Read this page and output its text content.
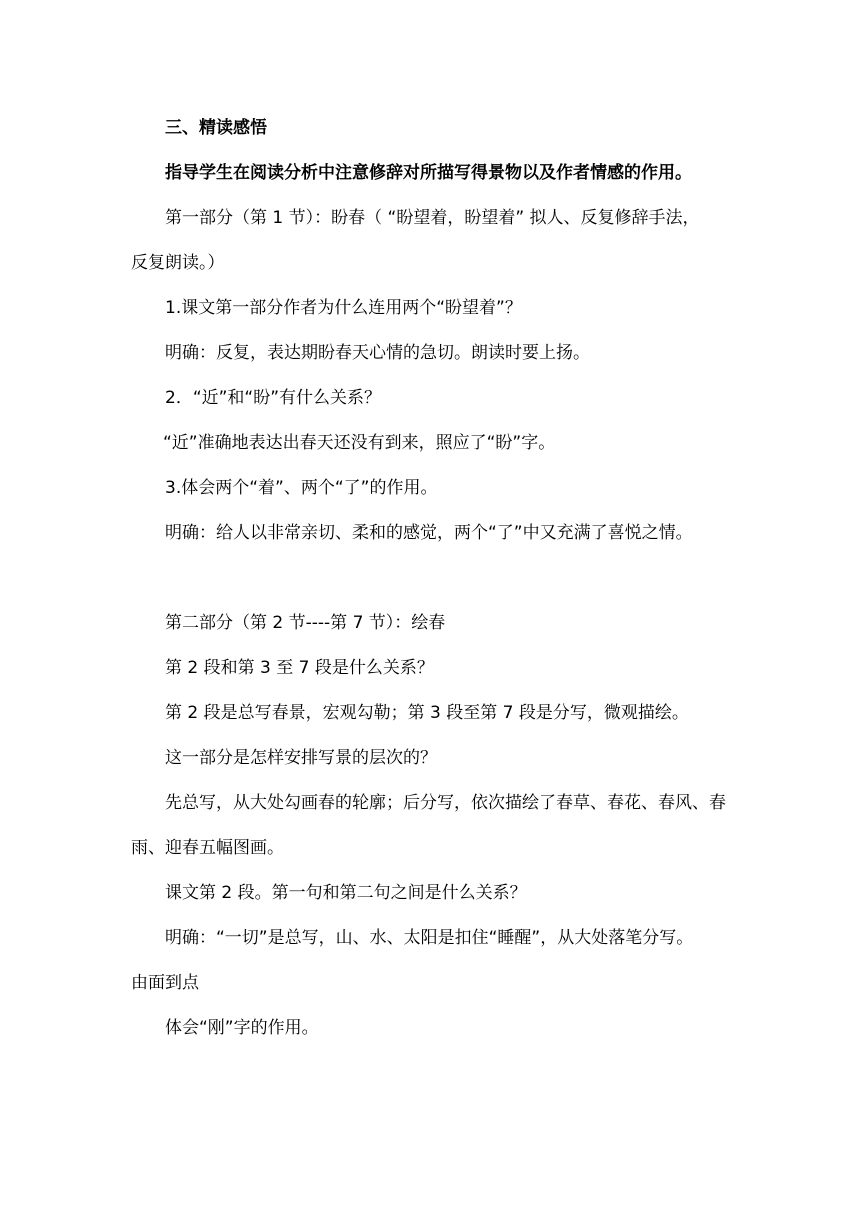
三、精读感悟
指导学生在阅读分析中注意修辞对所描写得景物以及作者情感的作用。
第一部分（第 1 节）：盼春（ “盼望着，盼望着” 拟人、反复修辞手法，
反复朗读。）
1.课文第一部分作者为什么连用两个“盼望着”？
明确：反复，表达期盼春天心情的急切。朗读时要上扬。
2．“近”和“盼”有什么关系？
“近”准确地表达出春天还没有到来，照应了“盼”字。
3.体会两个“着”、两个“了”的作用。
明确：给人以非常亲切、柔和的感觉，两个“了”中又充满了喜悦之情。
第二部分（第 2 节----第 7 节）：绘春
第 2 段和第 3 至 7 段是什么关系？
第 2 段是总写春景，宏观勾勒；第 3 段至第 7 段是分写，微观描绘。
这一部分是怎样安排写景的层次的？
先总写，从大处勾画春的轮廓；后分写，依次描绘了春草、春花、春风、春
雨、迎春五幅图画。
课文第 2 段。第一句和第二句之间是什么关系？
明确：“一切”是总写，山、水、太阳是扣住“睡醒”，从大处落笔分写。
由面到点
体会“刚”字的作用。
